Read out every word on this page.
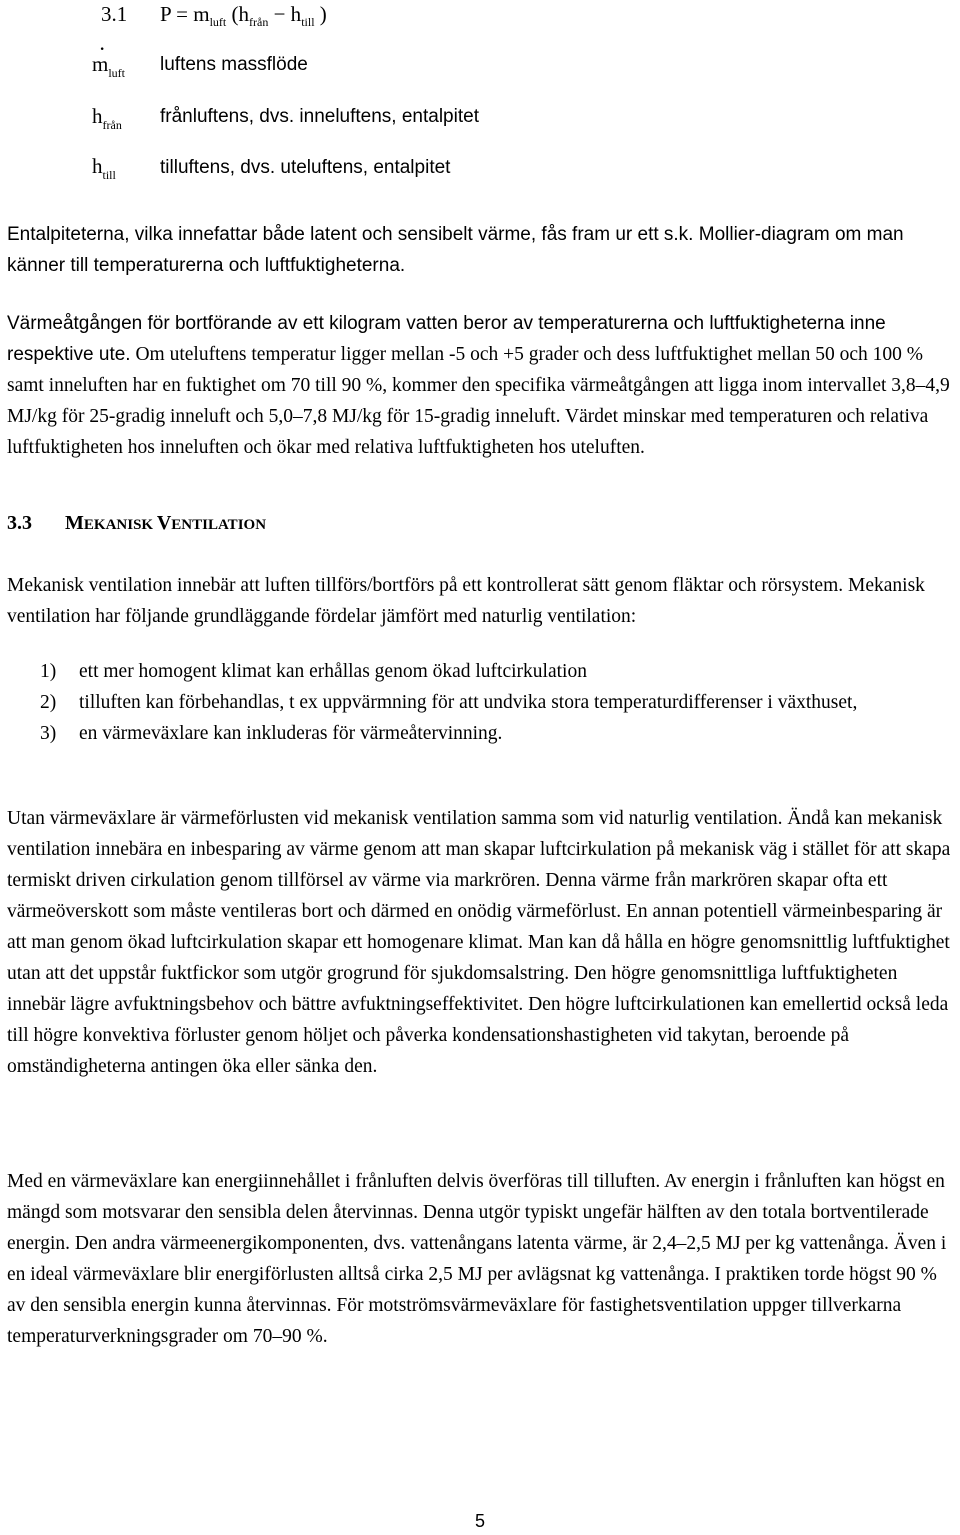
3.1 P = · $m_{luft}$ ($h_{från} - h_{till}$ )
· $m_{luft}$ luftens massflöde
$h_{från}$ frånluftens, dvs. inneluftens, entalpitet
$h_{till}$ tilluftens, dvs. uteluftens, entalpitet

Entalpiteterna, vilka innefattar både latent och sensibelt värme, fås fram ur ett s.k. Mollier-diagram om man känner till temperaturerna och luftfuktigheterna.

Värmeåtgången för bortförande av ett kilogram vatten beror av temperaturerna och luftfuktigheterna inne respektive ute. Om uteluftens temperatur ligger mellan -5 och +5 grader och dess luftfuktighet mellan 50 och 100 % samt inneluften har en fuktighet om 70 till 90 %, kommer den specifika värmeåtgången att ligga inom intervallet 3,8–4,9 MJ/kg för 25-gradig inneluft och 5,0–7,8 MJ/kg för 15-gradig inneluft. Värdet minskar med temperaturen och relativa luftfuktigheten hos inneluften och ökar med relativa luftfuktigheten hos uteluften.

3.3 MEKANISK VENTILATION

Mekanisk ventilation innebär att luften tillförs/bortförs på ett kontrollerat sätt genom fläktar och rörsystem. Mekanisk ventilation har följande grundläggande fördelar jämfört med naturlig ventilation:

1) ett mer homogent klimat kan erhållas genom ökad luftcirkulation
2) tilluften kan förbehandlas, t ex uppvärmning för att undvika stora temperaturdifferenser i växthuset,
3) en värmeväxlare kan inkluderas för värmeåtervinning.

Utan värmeväxlare är värmeförlusten vid mekanisk ventilation samma som vid naturlig ventilation. Ändå kan mekanisk ventilation innebära en inbesparing av värme genom att man skapar luftcirkulation på mekanisk väg i stället för att skapa termiskt driven cirkulation genom tillförsel av värme via markrören. Denna värme från markrören skapar ofta ett värmeöverskott som måste ventileras bort och därmed en onödig värmeförlust. En annan potentiell värmeinbesparing är att man genom ökad luftcirkulation skapar ett homogenare klimat. Man kan då hålla en högre genomsnittlig luftfuktighet utan att det uppstår fuktfickor som utgör grogrund för sjukdomsalstring. Den högre genomsnittliga luftfuktigheten innebär lägre avfuktningsbehov och bättre avfuktningseffektivitet. Den högre luftcirkulationen kan emellertid också leda till högre konvektiva förluster genom höljet och påverka kondensationshastigheten vid takytan, beroende på omständigheterna antingen öka eller sänka den.

Med en värmeväxlare kan energiinnehållet i frånluften delvis överföras till tilluften. Av energin i frånluften kan högst en mängd som motsvarar den sensibla delen återvinnas. Denna utgör typiskt ungefär hälften av den totala bortventilerade energin. Den andra värmeenergikomponenten, dvs. vattenångans latenta värme, är 2,4–2,5 MJ per kg vattenånga. Även i en ideal värmeväxlare blir energiförlusten alltså cirka 2,5 MJ per avlägsnat kg vattenånga. I praktiken torde högst 90 % av den sensibla energin kunna återvinnas. För motströmsvärmeväxlare för fastighetsventilation uppger tillverkarna temperaturverkningsgrader om 70–90 %.

5
